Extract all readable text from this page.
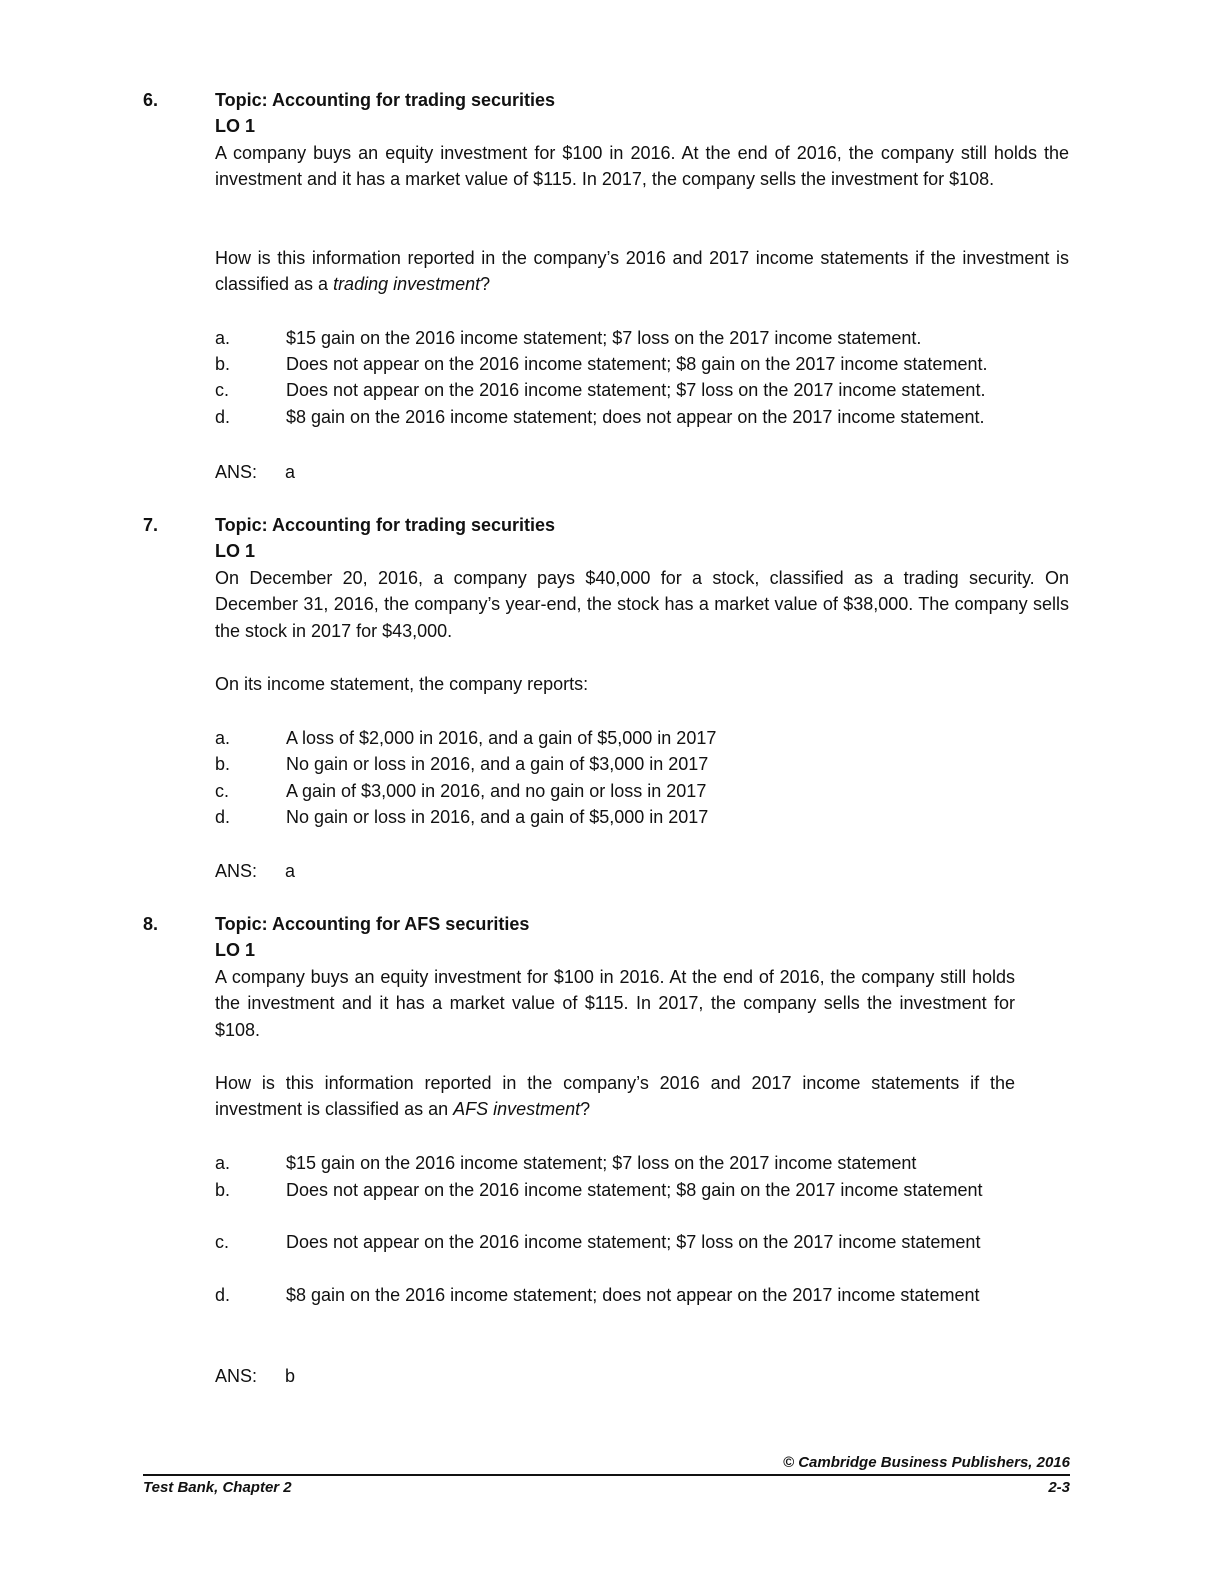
6.	Topic: Accounting for trading securities
LO 1
A company buys an equity investment for $100 in 2016. At the end of 2016, the company still holds the investment and it has a market value of $115. In 2017, the company sells the investment for $108.
How is this information reported in the company’s 2016 and 2017 income statements if the investment is classified as a trading investment?
a.	$15 gain on the 2016 income statement; $7 loss on the 2017 income statement.
b.	Does not appear on the 2016 income statement; $8 gain on the 2017 income statement.
c.	Does not appear on the 2016 income statement; $7 loss on the 2017 income statement.
d.	$8 gain on the 2016 income statement; does not appear on the 2017 income statement.
ANS: a
7.	Topic: Accounting for trading securities
LO 1
On December 20, 2016, a company pays $40,000 for a stock, classified as a trading security. On December 31, 2016, the company’s year-end, the stock has a market value of $38,000. The company sells the stock in 2017 for $43,000.
On its income statement, the company reports:
a.	A loss of $2,000 in 2016, and a gain of $5,000 in 2017
b.	No gain or loss in 2016, and a gain of $3,000 in 2017
c.	A gain of $3,000 in 2016, and no gain or loss in 2017
d.	No gain or loss in 2016, and a gain of $5,000 in 2017
ANS: a
8.	Topic: Accounting for AFS securities
LO 1
A company buys an equity investment for $100 in 2016. At the end of 2016, the company still holds the investment and it has a market value of $115. In 2017, the company sells the investment for $108.
How is this information reported in the company’s 2016 and 2017 income statements if the investment is classified as an AFS investment?
a.	$15 gain on the 2016 income statement; $7 loss on the 2017 income statement
b.	Does not appear on the 2016 income statement; $8 gain on the 2017 income statement
c.	Does not appear on the 2016 income statement; $7 loss on the 2017 income statement
d.	$8 gain on the 2016 income statement; does not appear on the 2017 income statement
ANS: b
© Cambridge Business Publishers, 2016
Test Bank, Chapter 2	2-3
